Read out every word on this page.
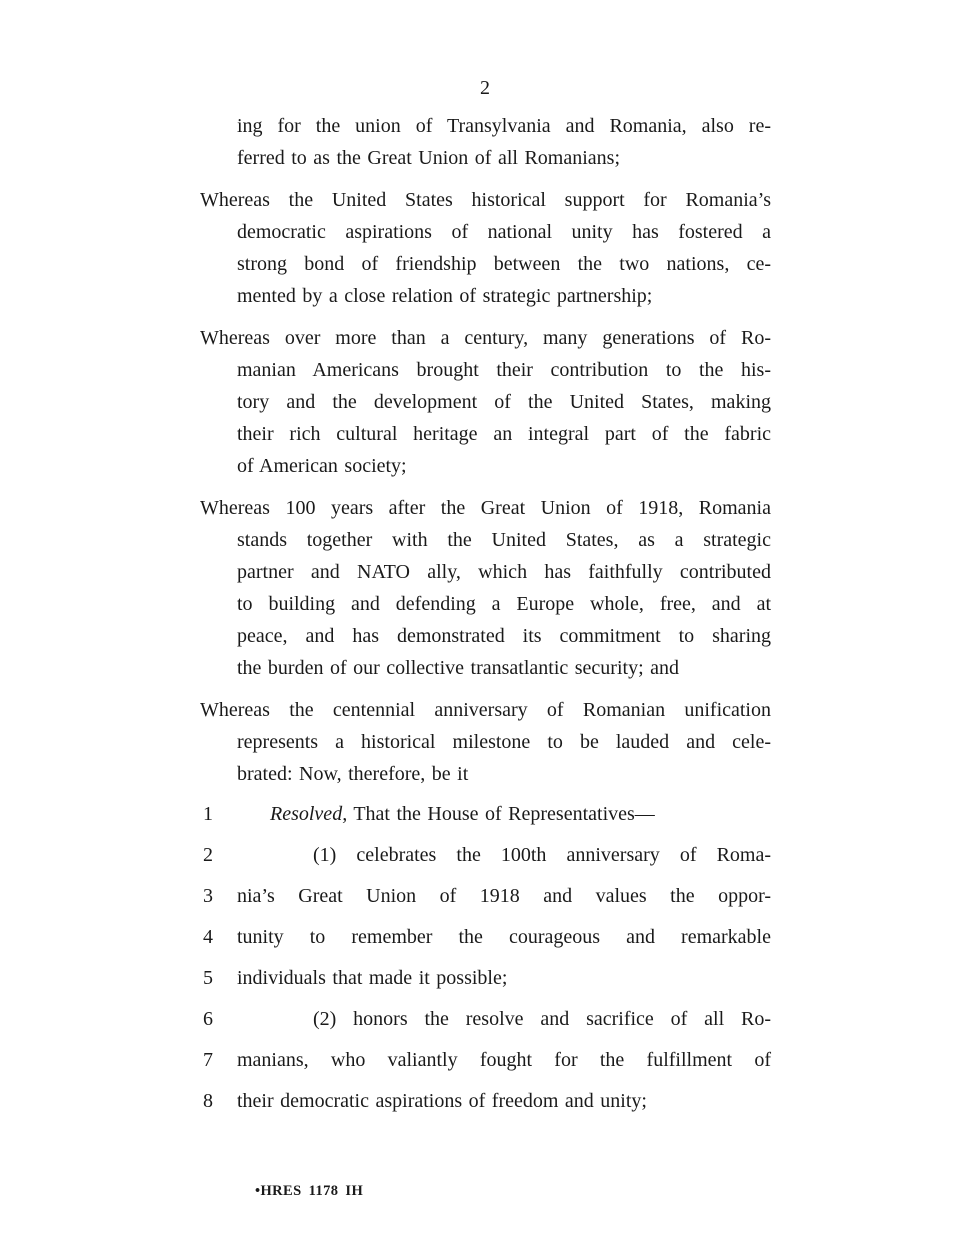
2
ing for the union of Transylvania and Romania, also re-
ferred to as the Great Union of all Romanians;
Whereas the United States historical support for Romania’s
democratic aspirations of national unity has fostered a
strong bond of friendship between the two nations, ce-
mented by a close relation of strategic partnership;
Whereas over more than a century, many generations of Ro-
manian Americans brought their contribution to the his-
tory and the development of the United States, making
their rich cultural heritage an integral part of the fabric
of American society;
Whereas 100 years after the Great Union of 1918, Romania
stands together with the United States, as a strategic
partner and NATO ally, which has faithfully contributed
to building and defending a Europe whole, free, and at
peace, and has demonstrated its commitment to sharing
the burden of our collective transatlantic security; and
Whereas the centennial anniversary of Romanian unification
represents a historical milestone to be lauded and cele-
brated: Now, therefore, be it
1	Resolved, That the House of Representatives—
2	(1) celebrates the 100th anniversary of Roma-
3 nia’s Great Union of 1918 and values the oppor-
4 tunity to remember the courageous and remarkable
5 individuals that made it possible;
6	(2) honors the resolve and sacrifice of all Ro-
7 manians, who valiantly fought for the fulfillment of
8 their democratic aspirations of freedom and unity;
•HRES 1178 IH
